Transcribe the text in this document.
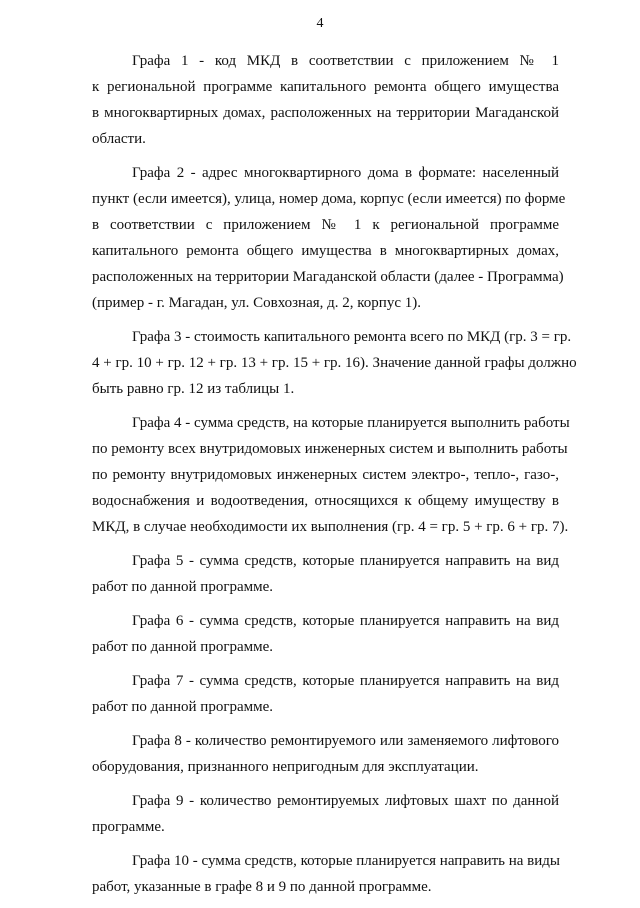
4

Графа 1 - код МКД в соответствии с приложением № 1
к региональной программе капитального ремонта общего имущества
в многоквартирных домах, расположенных на территории Магаданской
области.

Графа 2 - адрес многоквартирного дома в формате: населенный
пункт (если имеется), улица, номер дома, корпус (если имеется) по форме
в соответствии с приложением № 1 к региональной программе
капитального ремонта общего имущества в многоквартирных домах,
расположенных на территории Магаданской области (далее - Программа)
(пример - г. Магадан, ул. Совхозная, д. 2, корпус 1).

Графа 3 - стоимость капитального ремонта всего по МКД (гр. 3 = гр.
4 + гр. 10 + гр. 12 + гр. 13 + гр. 15 + гр. 16). Значение данной графы должно
быть равно гр. 12 из таблицы 1.

Графа 4 - сумма средств, на которые планируется выполнить работы
по ремонту всех внутридомовых инженерных систем и выполнить работы
по ремонту внутридомовых инженерных систем электро-, тепло-, газо-,
водоснабжения и водоотведения, относящихся к общему имуществу в
МКД, в случае необходимости их выполнения (гр. 4 = гр. 5 + гр. 6 + гр. 7).

Графа 5 - сумма средств, которые планируется направить на вид
работ по данной программе.

Графа 6 - сумма средств, которые планируется направить на вид
работ по данной программе.

Графа 7 - сумма средств, которые планируется направить на вид
работ по данной программе.

Графа 8 - количество ремонтируемого или заменяемого лифтового
оборудования, признанного непригодным для эксплуатации.

Графа 9 - количество ремонтируемых лифтовых шахт по данной
программе.

Графа 10 - сумма средств, которые планируется направить на виды
работ, указанные в графе 8 и 9 по данной программе.
